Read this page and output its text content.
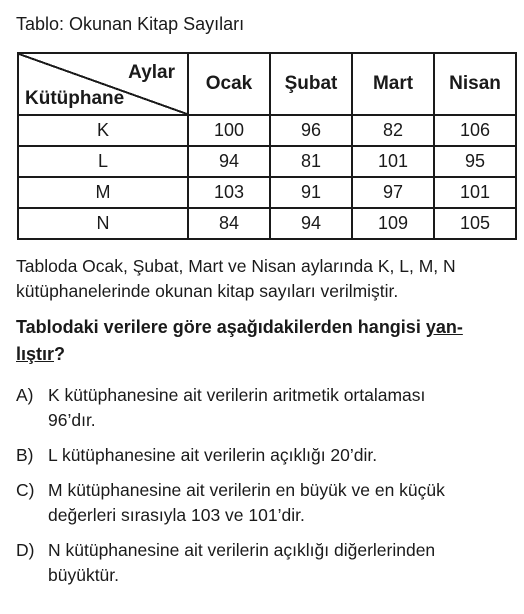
Tablo: Okunan Kitap Sayıları
Aylar
Kütüphane	Ocak	Şubat	Mart	Nisan
K	100	96	82	106
L	94	81	101	95
M	103	91	97	101
N	84	94	109	105
Tabloda Ocak, Şubat, Mart ve Nisan aylarında K, L, M, N kütüphanelerinde okunan kitap sayıları verilmiştir.
Tablodaki verilere göre aşağıdakilerden hangisi yan-
lıştır?
A) K kütüphanesine ait verilerin aritmetik ortalaması
96’dır.
B) L kütüphanesine ait verilerin açıklığı 20’dir.
C) M kütüphanesine ait verilerin en büyük ve en küçük
değerleri sırasıyla 103 ve 101’dir.
D) N kütüphanesine ait verilerin açıklığı diğerlerinden
büyüktür.
